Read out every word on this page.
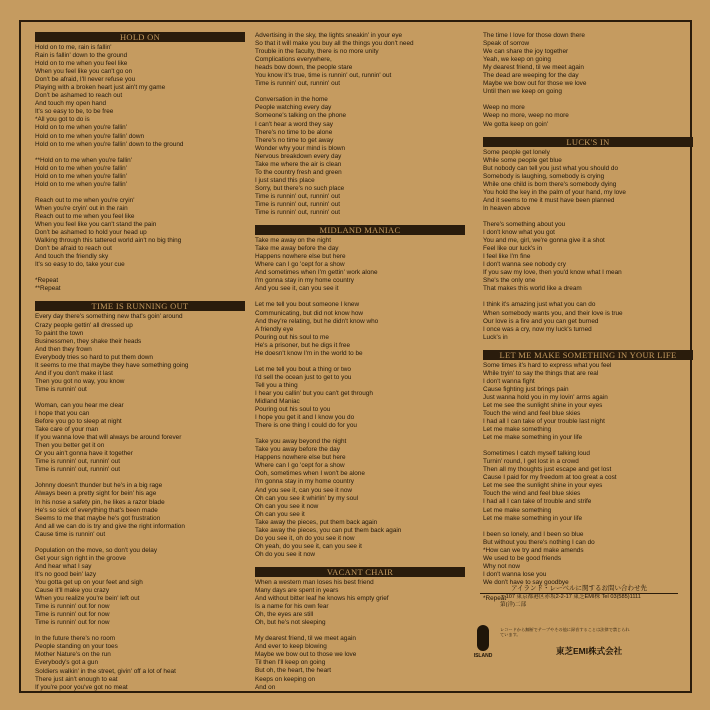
HOLD ON
Hold on to me, rain is fallin'
Rain is fallin' down to the ground
Hold on to me when you feel like
When you feel like you can't go on
Don't be afraid, I'll never refuse you
Playing with a broken heart just ain't my game
Don't be ashamed to reach out
And touch my open hand
It's so easy to be, to be free
*All you got to do is
Hold on to me when you're fallin'
Hold on to me when you're fallin' down
Hold on to me when you're fallin' down to the ground
**Hold on to me when you're fallin'
Hold on to me when you're fallin'
Hold on to me when you're fallin'
Hold on to me when you're fallin'
Reach out to me when you're cryin'
When you're cryin' out in the rain
Reach out to me when you feel like
When you feel like you can't stand the pain
Don't be ashamed to hold your head up
Walking through this tattered world ain't no big thing
Don't be afraid to reach out
And touch the friendly sky
It's so easy to do, take your cue
*Repeat
**Repeat
TIME IS RUNNING OUT
Every day there's something new that's goin' around
Crazy people gettin' all dressed up
To paint the town
Businessmen, they shake their heads
And then they frown
Everybody tries so hard to put them down
It seems to me that maybe they have something going
And if you don't make it last
Then you got no way, you know
Time is runnin' out
Woman, can you hear me clear
I hope that you can
Before you go to sleep at night
Take care of your man
If you wanna love that will always be around forever
Then you better get it on
Or you ain't gonna have it together
Time is runnin' out, runnin' out
Time is runnin' out, runnin' out
Johnny doesn't thunder but he's in a big rage
Always been a pretty sight for bein' his age
In his nose a safety pin, he likes a razor blade
He's so sick of everything that's been made
Seems to me that maybe he's got frustration
And all we can do is try and give the right information
Cause time is runnin' out
Population on the move, so don't you delay
Get your sign right in the groove
And hear what I say
It's no good bein' lazy
You gotta get up on your feet and sigh
Cause it'll make you crazy
When you realize you're bein' left out
Time is runnin' out for now
Time is runnin' out for now
Time is runnin' out for now
In the future there's no room
People standing on your toes
Mother Nature's on the run
Everybody's got a gun
Soldiers walkin' in the street, givin' off a lot of heat
There just ain't enough to eat
If you're poor you've got no meat
Advertising in the sky, the lights sneakin' in your eye
So that it will make you buy all the things you don't need
Trouble in the faculty, there is no more unity
Complications everywhere,
heads bow down, the people stare
You know it's true, time is runnin' out, runnin' out
Time is runnin' out, runnin' out
Conversation in the home
People watching every day
Someone's talking on the phone
I can't hear a word they say
There's no time to be alone
There's no time to get away
Wonder why your mind is blown
Nervous breakdown every day
Take me where the air is clean
To the country fresh and green
I just stand this place
Sorry, but there's no such place
Time is runnin' out, runnin' out
Time is runnin' out, runnin' out
Time is runnin' out, runnin' out
MIDLAND MANIAC
Take me away on the night
Take me away before the day
Happens nowhere else but here
Where can I go 'cept for a show
And sometimes when I'm gettin' work alone
I'm gonna stay in my home country
And you see it, can you see it
Let me tell you bout someone I knew
Communicating, but did not know how
And they're relating, but he didn't know who
A friendly eye
Pouring out his soul to me
He's a prisoner, but he digs it free
He doesn't know I'm in the world to be
Let me tell you bout a thing or two
I'd sell the ocean just to get to you
Tell you a thing
I hear you callin' but you can't get through
Midland Maniac
Pouring out his soul to you
I hope you get it and I know you do
There is one thing I could do for you
Take you away beyond the night
Take you away before the day
Happens nowhere else but here
Where can I go 'cept for a show
Ooh, sometimes when I won't be alone
I'm gonna stay in my home country
And you see it, can you see it now
Oh can you see it whirlin' by my soul
Oh can you see it now
Oh can you see it
Take away the pieces, put them back again
Take away the pieces, you can put them back again
Do you see it, oh do you see it now
Oh yeah, do you see it, can you see it
Oh do you see it now
VACANT CHAIR
When a western man loses his best friend
Many days are spent in years
And without bitter leaf he knows his empty grief
Is a name for his own fear
Oh, the eyes are still
Oh, but he's not sleeping
My dearest friend, til we meet again
And ever to keep blowing
Maybe we bow out to those we love
Til then I'll keep on going
But oh, the heart, the heart
Keeps on keeping on
And on
The time I love for those down there
Speak of sorrow
We can share the joy together
Yeah, we keep on going
My dearest friend, til we meet again
The dead are weeping for the day
Maybe we bow out for those we love
Until then we keep on going
Weep no more
Weep no more, weep no more
We gotta keep on goin'
LUCK'S IN
Some people get lonely
While some people get blue
But nobody can tell you just what you should do
Somebody is laughing, somebody is crying
While one child is born there's somebody dying
You hold the key in the palm of your hand, my love
And it seems to me it must have been planned
In heaven above
There's something about you
I don't know what you got
You and me, girl, we're gonna give it a shot
Feel like our luck's in
I feel like I'm fine
I don't wanna see nobody cry
If you saw my love, then you'd know what I mean
She's the only one
That makes this world like a dream
I think it's amazing just what you can do
When somebody wants you, and their love is true
Our love is a fire and you can get burned
I once was a cry, now my luck's turned
Luck's in
LET ME MAKE SOMETHING IN YOUR LIFE
Some times it's hard to express what you feel
While tryin' to say the things that are real
I don't wanna fight
Cause fighting just brings pain
Just wanna hold you in my lovin' arms again
Let me see the sunlight shine in your eyes
Touch the wind and feel blue skies
I had all I can take of your trouble last night
Let me make something
Let me make something in your life
Sometimes I catch myself talking loud
Turnin' round, I get lost in a crowd
Then all my thoughts just escape and get lost
Cause I paid for my freedom at too great a cost
Let me see the sunlight shine in your eyes
Touch the wind and feel blue skies
I had all I can take of trouble and strife
Let me make something
Let me make something in your life
I been so lonely, and I been so blue
But without you there's nothing I can do
*How can we try and make amends
We used to be good friends
Why not now
I don't wanna lose you
We don't have to say goodbye
*Repeat
アイランド・レーベルに関するお問い合わせ先
〒107 東京都港区赤坂2-2-17 東芝EMI株 Tel 03(585)1111
第(洋)二部
ISLAND
レコードから無断でテープやその他に録音することは法律で禁じられています。
東芝EMI株式会社
